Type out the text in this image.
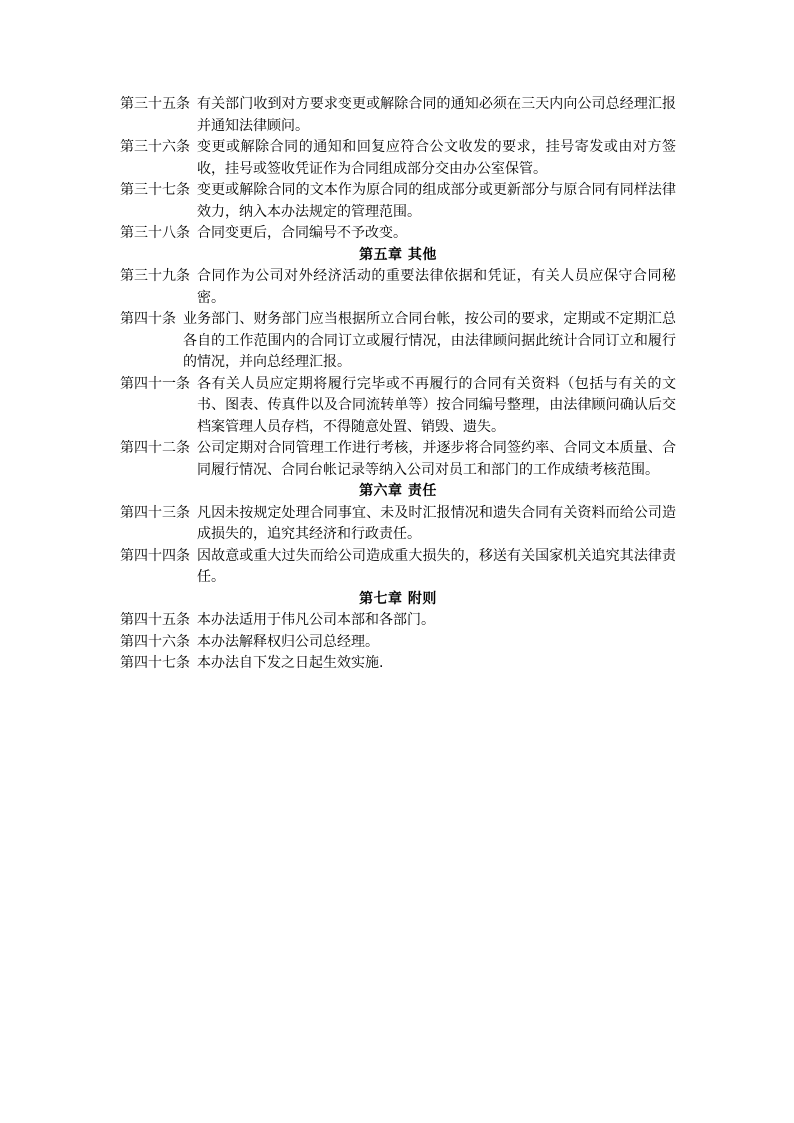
第三十五条 有关部门收到对方要求变更或解除合同的通知必须在三天内向公司总经理汇报并通知法律顾问。
第三十六条 变更或解除合同的通知和回复应符合公文收发的要求，挂号寄发或由对方签收，挂号或签收凭证作为合同组成部分交由办公室保管。
第三十七条 变更或解除合同的文本作为原合同的组成部分或更新部分与原合同有同样法律效力，纳入本办法规定的管理范围。
第三十八条 合同变更后，合同编号不予改变。
第五章 其他
第三十九条 合同作为公司对外经济活动的重要法律依据和凭证，有关人员应保守合同秘密。
第四十条 业务部门、财务部门应当根据所立合同台帐，按公司的要求，定期或不定期汇总各自的工作范围内的合同订立或履行情况，由法律顾问据此统计合同订立和履行的情况，并向总经理汇报。
第四十一条 各有关人员应定期将履行完毕或不再履行的合同有关资料（包括与有关的文书、图表、传真件以及合同流转单等）按合同编号整理，由法律顾问确认后交档案管理人员存档，不得随意处置、销毁、遗失。
第四十二条 公司定期对合同管理工作进行考核，并逐步将合同签约率、合同文本质量、合同履行情况、合同台帐记录等纳入公司对员工和部门的工作成绩考核范围。
第六章 责任
第四十三条 凡因未按规定处理合同事宜、未及时汇报情况和遗失合同有关资料而给公司造成损失的，追究其经济和行政责任。
第四十四条 因故意或重大过失而给公司造成重大损失的，移送有关国家机关追究其法律责任。
第七章 附则
第四十五条 本办法适用于伟凡公司本部和各部门。
第四十六条 本办法解释权归公司总经理。
第四十七条 本办法自下发之日起生效实施.
